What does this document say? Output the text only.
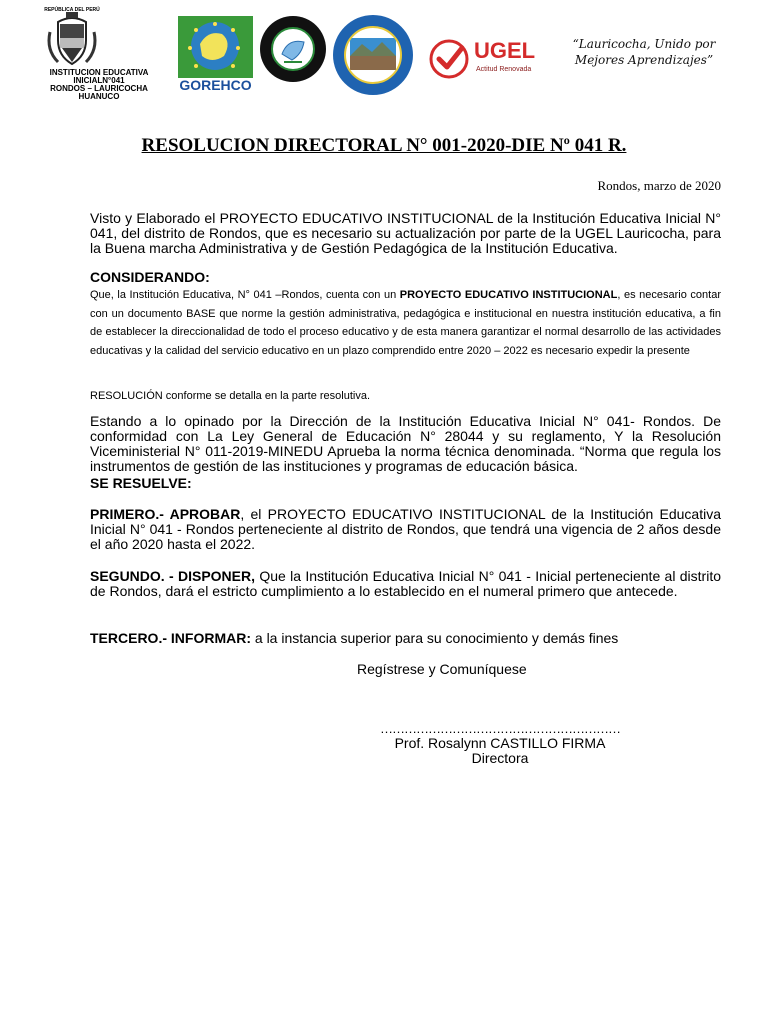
REPÚBLICA DEL PERÚ
INSTITUCION EDUCATIVA INICIALN°041
RONDOS – LAURICOCHA
HUANUCO
GOREHCO
UGEL
Actitud Renovada
“Lauricocha, Unido por
Mejores Aprendizajes”
RESOLUCION DIRECTORAL N° 001-2020-DIE Nº 041 R.
Rondos, marzo de 2020
Visto y Elaborado el PROYECTO EDUCATIVO INSTITUCIONAL de la Institución Educativa Inicial N° 041, del distrito de Rondos, que es necesario su actualización por parte de la UGEL Lauricocha, para la Buena marcha Administrativa y de Gestión Pedagógica de la Institución Educativa.
CONSIDERANDO:
Que, la Institución Educativa, N° 041 –Rondos, cuenta con un PROYECTO EDUCATIVO INSTITUCIONAL, es necesario contar con un documento BASE que norme la gestión administrativa, pedagógica e institucional en nuestra institución educativa, a fin de establecer la direccionalidad de todo el proceso educativo y de esta manera garantizar el normal desarrollo de las actividades educativas y la calidad del servicio educativo en un plazo comprendido entre 2020 – 2022 es necesario expedir la presente
RESOLUCIÓN conforme se detalla en la parte resolutiva.
Estando a lo opinado por la Dirección de la Institución Educativa Inicial N° 041- Rondos. De conformidad con La Ley General de Educación N° 28044 y su reglamento, Y la Resolución Viceministerial N° 011-2019-MINEDU Aprueba la norma técnica denominada. “Norma que regula los instrumentos de gestión de las instituciones y programas de educación básica.
SE RESUELVE:
PRIMERO.- APROBAR, el PROYECTO EDUCATIVO INSTITUCIONAL de la Institución Educativa Inicial N° 041 - Rondos perteneciente al distrito de Rondos, que tendrá una vigencia de 2 años desde el año 2020 hasta el 2022.
SEGUNDO. - DISPONER, Que la Institución Educativa Inicial N° 041 - Inicial perteneciente al distrito de Rondos, dará el estricto cumplimiento a lo establecido en el numeral primero que antecede.
TERCERO.- INFORMAR: a la instancia superior para su conocimiento y demás fines
Regístrese y Comuníquese
……………………………………………………
Prof. Rosalynn CASTILLO FIRMA
Directora
